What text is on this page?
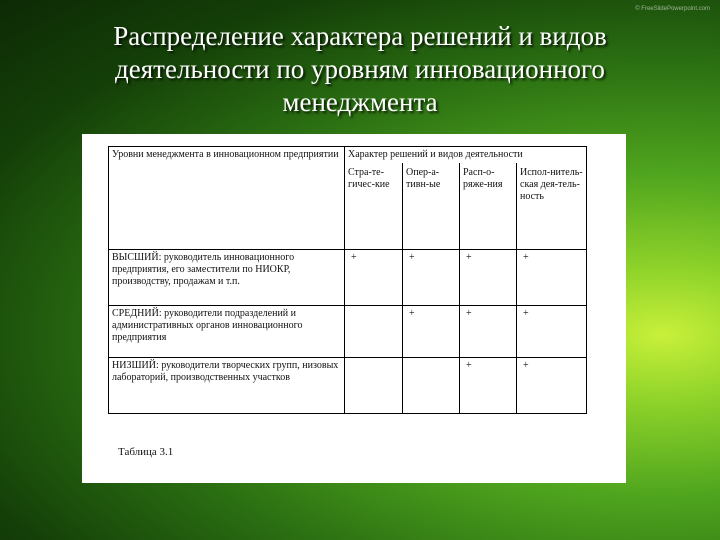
© FreeSlidePowerpoint.com
Распределение характера решений и видов деятельности по уровням инновационного менеджмента
Уровни менеджмента в инновационном предприятии	Характер решений и видов деятельности			
	Стра-те-гичес-кие	Опер-а-тивн-ые	Расп-о-ряже-ния	Испол-нитель-ская дея-тель-ность
ВЫСШИЙ: руководитель инновационного предприятия, его заместители по НИОКР, производству, продажам и т.п.	+	+	+	+
СРЕДНИЙ: руководители подразделений и административных органов инновационного предприятия		+	+	+
НИЗШИЙ: руководители творческих групп, низовых лабораторий, производственных участков			+	+
Таблица 3.1
